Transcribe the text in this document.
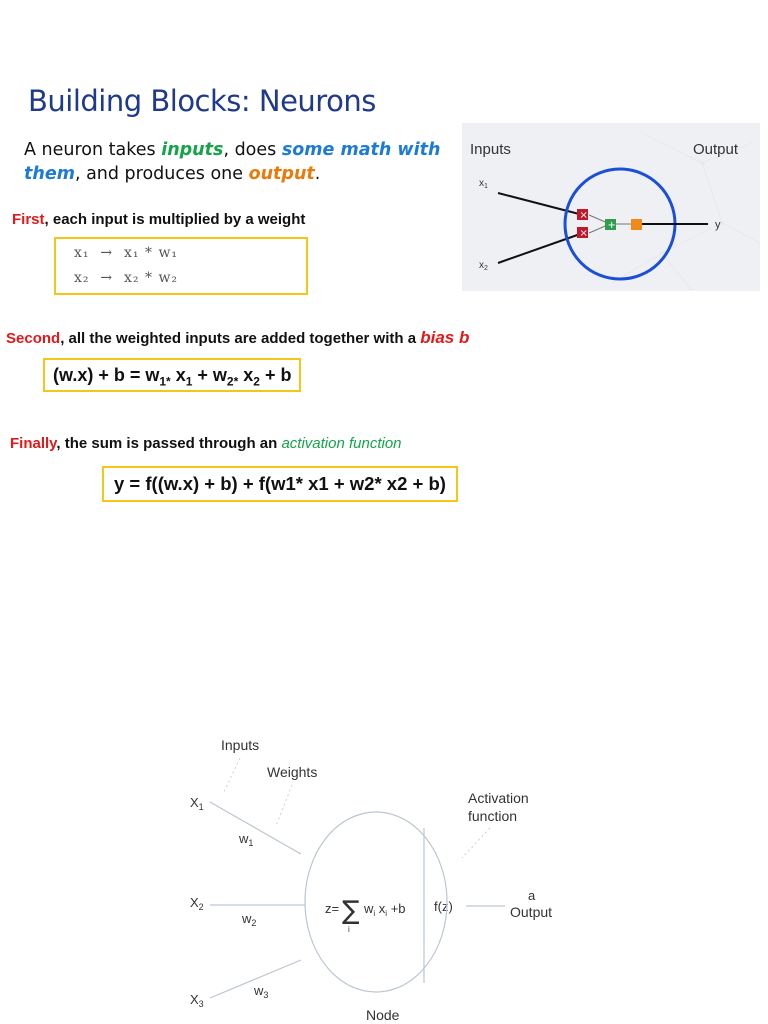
Building Blocks: Neurons
A neuron takes inputs, does some math with them, and produces one output.
Inputs	Output
$x_1$
$x_2$
×
×
+	y
First, each input is multiplied by a weight
x₁  →  x₁ * w₁
x₂  →  x₂ * w₂
Second, all the weighted inputs are added together with a bias b
$(w.x) + b = w_{1*}$ $x_1 + w_{2*}$ $x_2 + b$
Finally, the sum is passed through an activation function
y = f((w.x) + b) + f(w1* x1 + w2* x2 + b)
Inputs
Weights
Activation
function
$X_1$
$X_2$
$X_3$
$w_1$
$w_2$
$w_3$
z= ∑
i
$w_i$ $x_i +b$ f(z)
a
Output
Node
